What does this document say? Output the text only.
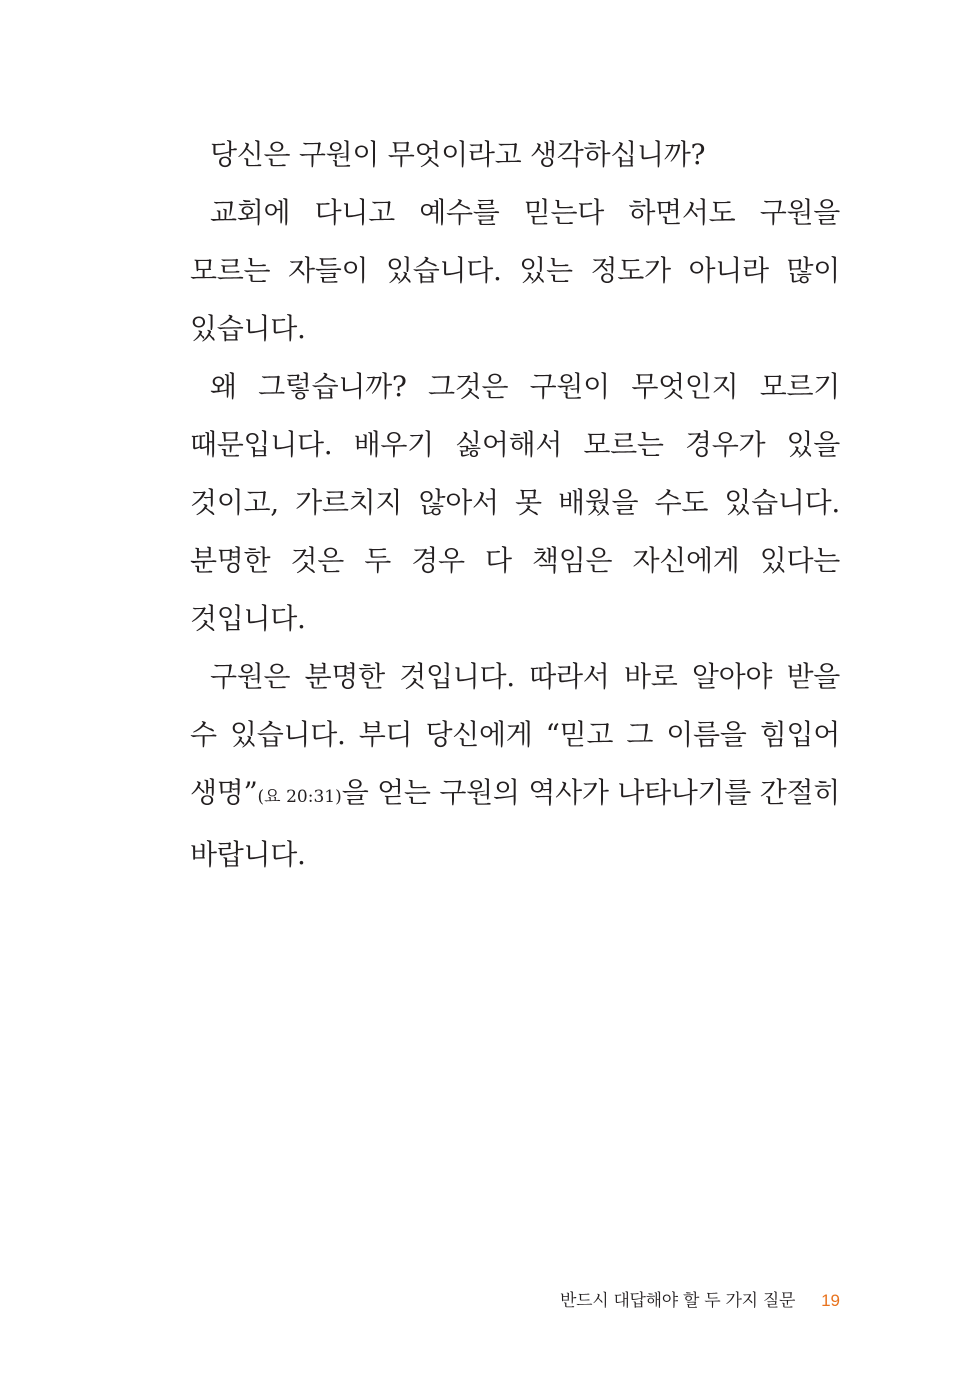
당신은 구원이 무엇이라고 생각하십니까?

교회에 다니고 예수를 믿는다 하면서도 구원을 모르는 자들이 있습니다. 있는 정도가 아니라 많이 있습니다.

왜 그렇습니까? 그것은 구원이 무엇인지 모르기 때문입니다. 배우기 싫어해서 모르는 경우가 있을 것이고, 가르치지 않아서 못 배웠을 수도 있습니다. 분명한 것은 두 경우 다 책임은 자신에게 있다는 것입니다.

구원은 분명한 것입니다. 따라서 바로 알아야 받을 수 있습니다. 부디 당신에게 “믿고 그 이름을 힘입어 생명”(요 20:31)을 얻는 구원의 역사가 나타나기를 간절히 바랍니다.

반드시 대답해야 할 두 가지 질문 19
